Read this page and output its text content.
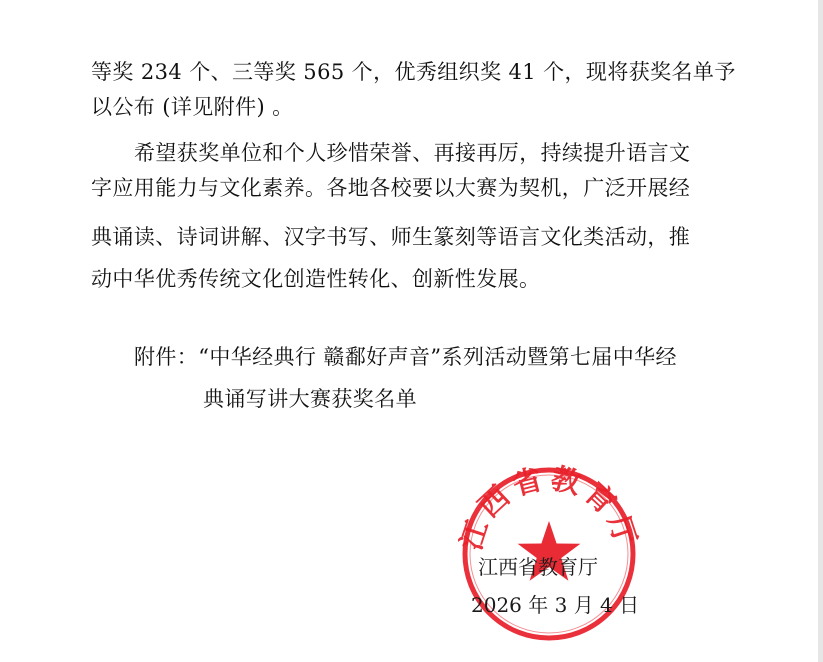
等奖 234 个、三等奖 565 个，优秀组织奖 41 个，现将获奖名单予
以公布 (详见附件) 。
希望获奖单位和个人珍惜荣誉、再接再厉，持续提升语言文
字应用能力与文化素养。各地各校要以大赛为契机，广泛开展经
典诵读、诗词讲解、汉字书写、师生篆刻等语言文化类活动，推
动中华优秀传统文化创造性转化、创新性发展。
附件：“中华经典行 赣鄱好声音”系列活动暨第七届中华经
典诵写讲大赛获奖名单
西省教育
江西省教育厅
2026 年 3 月 4 日
